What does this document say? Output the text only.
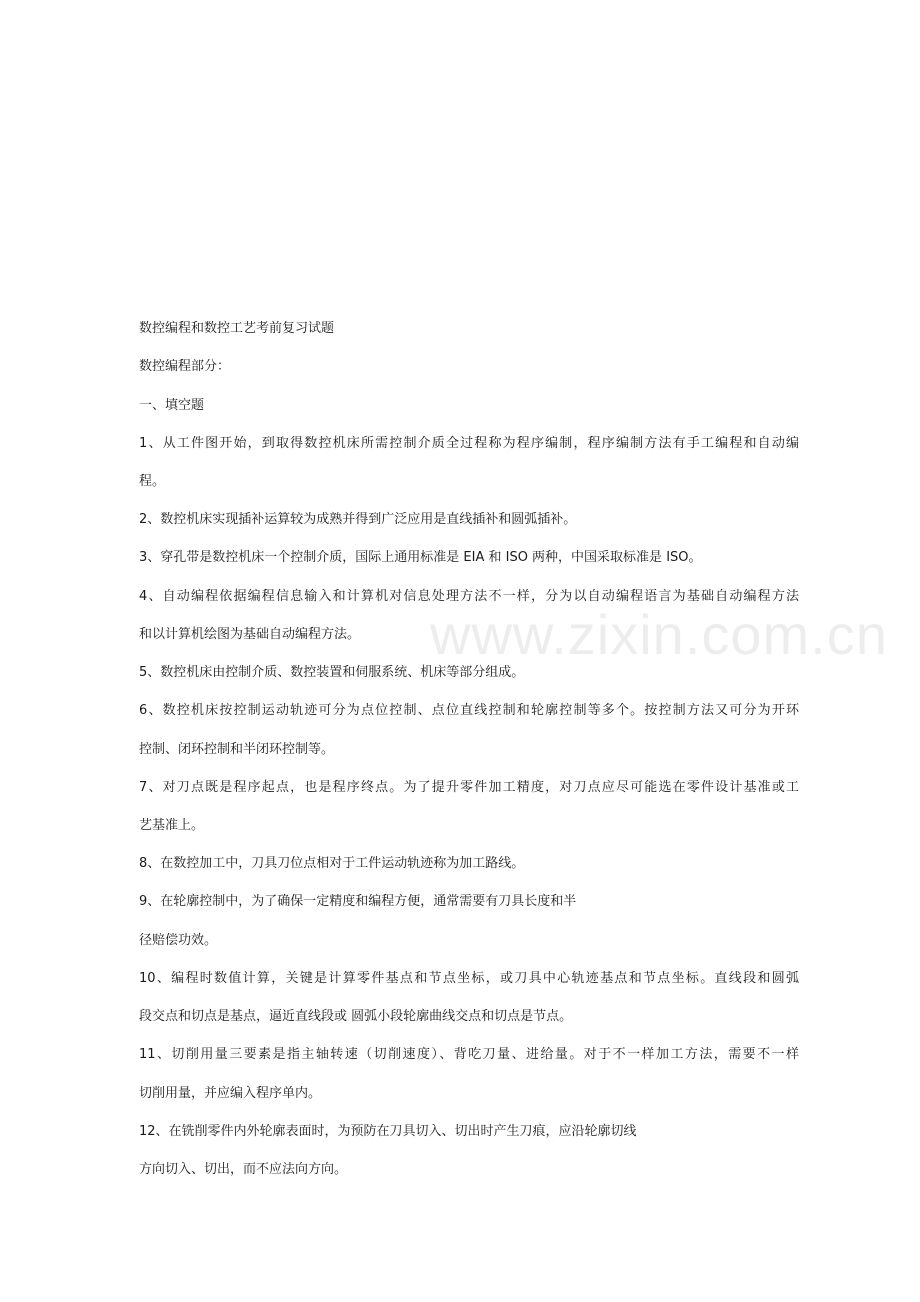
www.zixin.com.cn
数控编程和数控工艺考前复习试题
数控编程部分：
一、填空题
1、从工件图开始，到取得数控机床所需控制介质全过程称为程序编制，程序编制方法有手工编程和自动编
程。
2、数控机床实现插补运算较为成熟并得到广泛应用是直线插补和圆弧插补。
3、穿孔带是数控机床一个控制介质，国际上通用标准是 EIA 和 ISO 两种，中国采取标准是 ISO。
4、自动编程依据编程信息输入和计算机对信息处理方法不一样，分为以自动编程语言为基础自动编程方法
和以计算机绘图为基础自动编程方法。
5、数控机床由控制介质、数控装置和伺服系统、机床等部分组成。
6、数控机床按控制运动轨迹可分为点位控制、点位直线控制和轮廓控制等多个。按控制方法又可分为开环
控制、闭环控制和半闭环控制等。
7、对刀点既是程序起点，也是程序终点。为了提升零件加工精度，对刀点应尽可能选在零件设计基准或工
艺基准上。
8、在数控加工中，刀具刀位点相对于工件运动轨迹称为加工路线。
9、在轮廓控制中，为了确保一定精度和编程方便，通常需要有刀具长度和半
径赔偿功效。
10、编程时数值计算，关键是计算零件基点和节点坐标，或刀具中心轨迹基点和节点坐标。直线段和圆弧
段交点和切点是基点，逼近直线段或 圆弧小段轮廓曲线交点和切点是节点。
11、切削用量三要素是指主轴转速（切削速度）、背吃刀量、进给量。对于不一样加工方法，需要不一样
切削用量，并应编入程序单内。
12、在铣削零件内外轮廓表面时，为预防在刀具切入、切出时产生刀痕，应沿轮廓切线
方向切入、切出，而不应法向方向。
